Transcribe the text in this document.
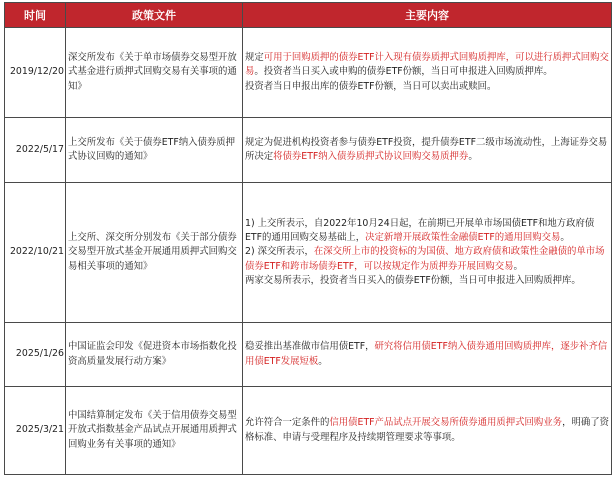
时间	政策文件	主要内容
2019/12/20	深交所发布《关于单市场债券交易型开放式基金进行质押式回购交易有关事项的通知》	规定可用于回购质押的债券ETF计入现有债券质押式回购质押库，可以进行质押式回购交易。投资者当日买入或申购的债券ETF份额，当日可申报进入回购质押库。
投资者当日申报出库的债券ETF份额，当日可以卖出或赎回。

2022/5/17	上交所发布《关于债券ETF纳入债券质押式协议回购的通知》	规定为促进机构投资者参与债券ETF投资，提升债券ETF二级市场流动性，上海证券交易所决定将债券ETF纳入债券质押式协议回购交易质押券。
2022/10/21	上交所、深交所分别发布《关于部分债券交易型开放式基金开展通用质押式回购交易相关事项的通知》	1) 上交所表示，自2022年10月24日起，在前期已开展单市场国债ETF和地方政府债ETF的通用回购交易基础上，决定新增开展政策性金融债ETF的通用回购交易。
2) 深交所表示，在深交所上市的投资标的为国债、地方政府债和政策性金融债的单市场债券ETF和跨市场债券ETF，可以按规定作为质押券开展回购交易。
两家交易所表示，投资者当日买入的债券ETF份额，当日可申报进入回购质押库。

2025/1/26	中国证监会印发《促进资本市场指数化投资高质量发展行动方案》	稳妥推出基准做市信用债ETF，研究将信用债ETF纳入债券通用回购质押库，逐步补齐信用债ETF发展短板。
2025/3/21	中国结算制定发布《关于信用债券交易型开放式指数基金产品试点开展通用质押式回购业务有关事项的通知》	允许符合一定条件的信用债ETF产品试点开展交易所债券通用质押式回购业务，明确了资格标准、申请与受理程序及持续期管理要求等事项。
